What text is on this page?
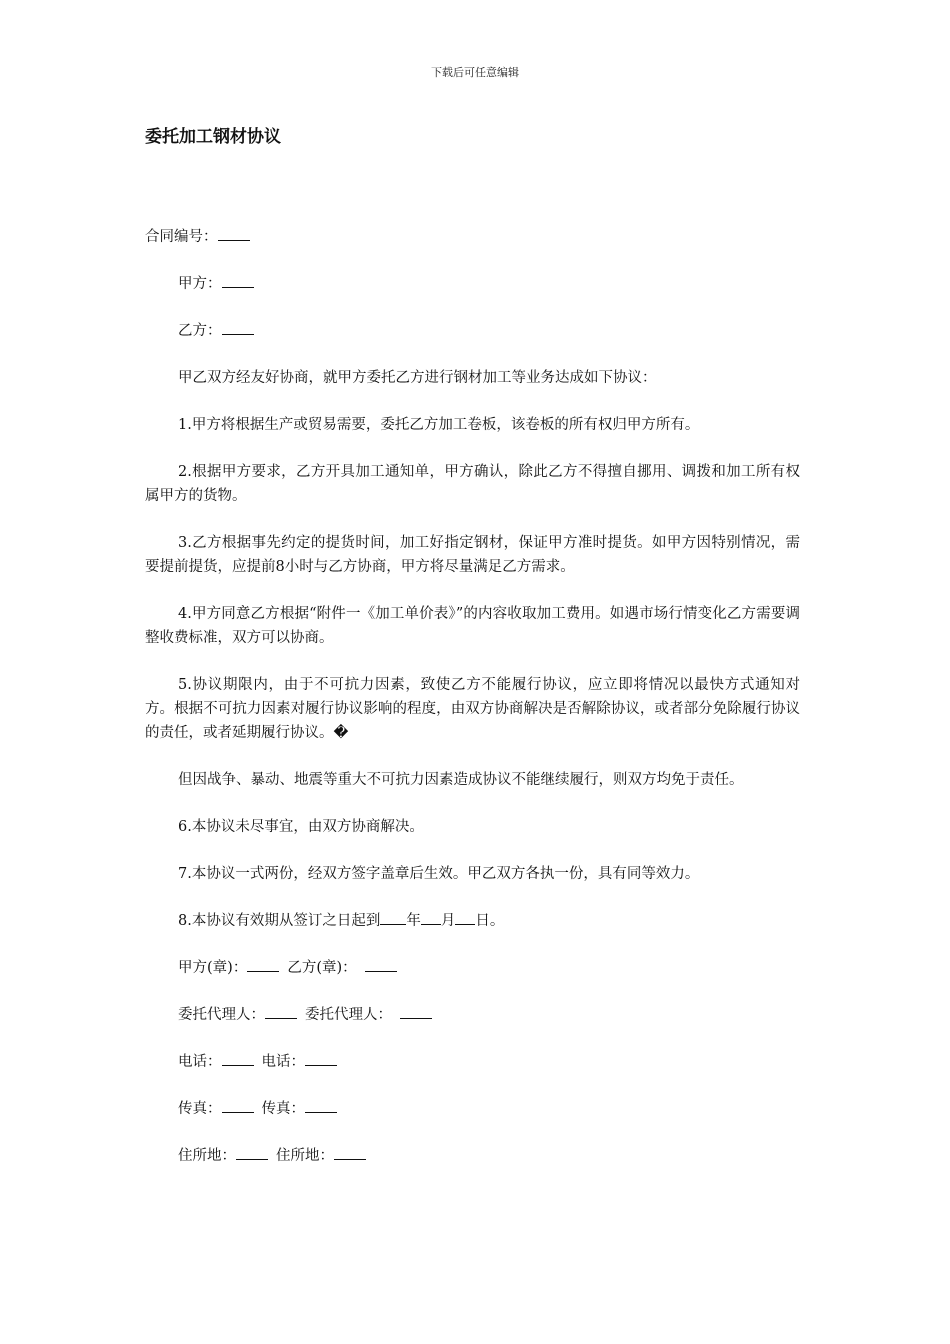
下载后可任意编辑
委托加工钢材协议

合同编号：

甲方：

乙方：

甲乙双方经友好协商，就甲方委托乙方进行钢材加工等业务达成如下协议：

1.甲方将根据生产或贸易需要，委托乙方加工卷板，该卷板的所有权归甲方所有。

2.根据甲方要求，乙方开具加工通知单，甲方确认，除此乙方不得擅自挪用、调拨和加工所有权属甲方的货物。

3.乙方根据事先约定的提货时间，加工好指定钢材，保证甲方准时提货。如甲方因特别情况，需要提前提货，应提前8小时与乙方协商，甲方将尽量满足乙方需求。

4.甲方同意乙方根据“附件一《加工单价表》”的内容收取加工费用。如遇市场行情变化乙方需要调整收费标准，双方可以协商。

5.协议期限内，由于不可抗力因素，致使乙方不能履行协议，应立即将情况以最快方式通知对方。根据不可抗力因素对履行协议影响的程度，由双方协商解决是否解除协议，或者部分免除履行协议的责任，或者延期履行协议。�

但因战争、暴动、地震等重大不可抗力因素造成协议不能继续履行，则双方均免于责任。

6.本协议未尽事宜，由双方协商解决。

7.本协议一式两份，经双方签字盖章后生效。甲乙双方各执一份，具有同等效力。

8.本协议有效期从签订之日起到 年 月 日。

甲方(章)：	乙方(章)：

委托代理人：	委托代理人：

电话：	电话：

传真：	传真：

住所地：	住所地：
